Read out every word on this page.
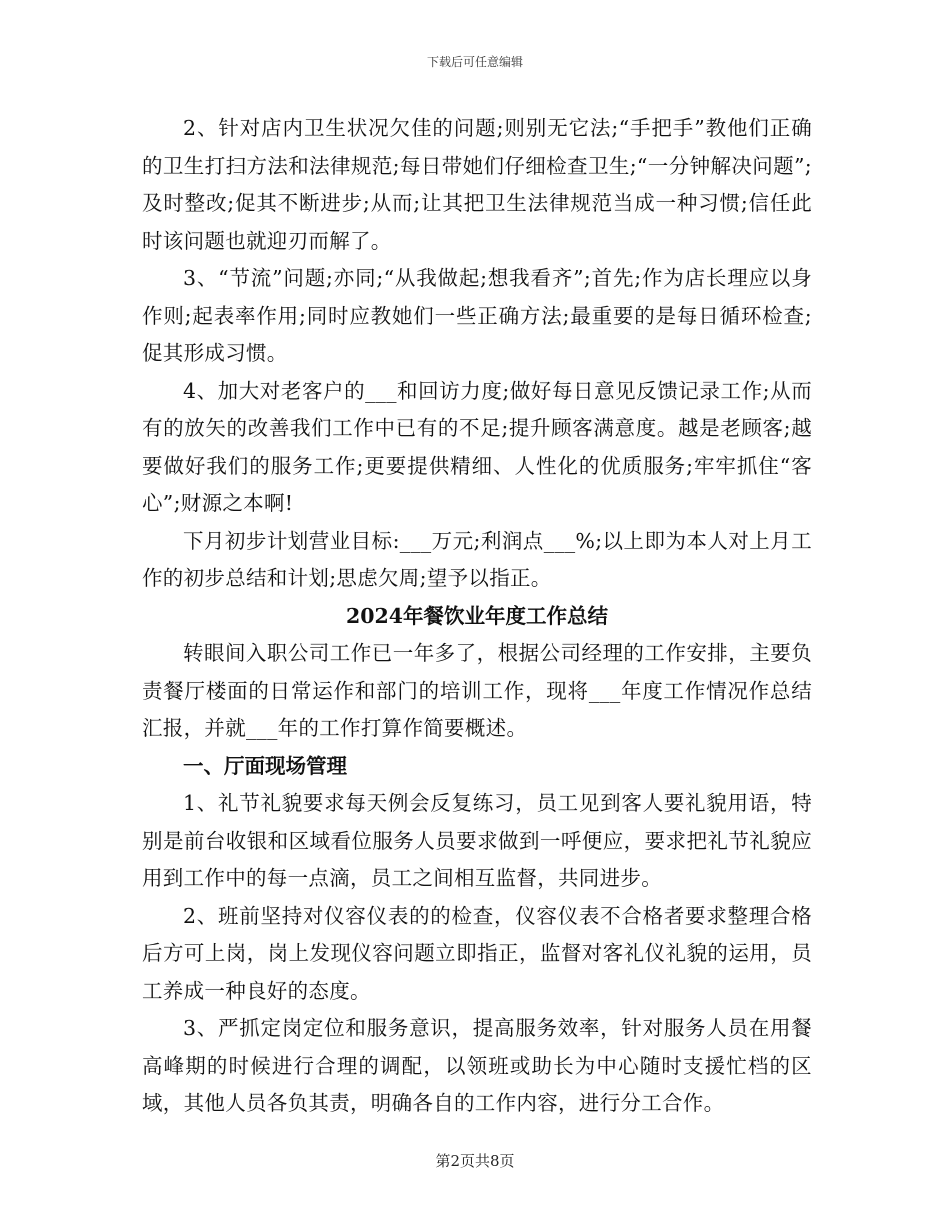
下载后可任意编辑

2、针对店内卫生状况欠佳的问题;则别无它法;“手把手”教他们正确的卫生打扫方法和法律规范;每日带她们仔细检查卫生;“一分钟解决问题”;及时整改;促其不断进步;从而;让其把卫生法律规范当成一种习惯;信任此时该问题也就迎刃而解了。

3、“节流”问题;亦同;“从我做起;想我看齐”;首先;作为店长理应以身作则;起表率作用;同时应教她们一些正确方法;最重要的是每日循环检查;促其形成习惯。

4、加大对老客户的___和回访力度;做好每日意见反馈记录工作;从而有的放矢的改善我们工作中已有的不足;提升顾客满意度。越是老顾客;越要做好我们的服务工作;更要提供精细、人性化的优质服务;牢牢抓住“客心”;财源之本啊!

下月初步计划营业目标:___万元;利润点___%;以上即为本人对上月工作的初步总结和计划;思虑欠周;望予以指正。

2024年餐饮业年度工作总结

转眼间入职公司工作已一年多了，根据公司经理的工作安排，主要负责餐厅楼面的日常运作和部门的培训工作，现将___年度工作情况作总结汇报，并就___年的工作打算作简要概述。

一、厅面现场管理

1、礼节礼貌要求每天例会反复练习，员工见到客人要礼貌用语，特别是前台收银和区域看位服务人员要求做到一呼便应，要求把礼节礼貌应用到工作中的每一点滴，员工之间相互监督，共同进步。

2、班前坚持对仪容仪表的的检查，仪容仪表不合格者要求整理合格后方可上岗，岗上发现仪容问题立即指正，监督对客礼仪礼貌的运用，员工养成一种良好的态度。

3、严抓定岗定位和服务意识，提高服务效率，针对服务人员在用餐高峰期的时候进行合理的调配，以领班或助长为中心随时支援忙档的区域，其他人员各负其责，明确各自的工作内容，进行分工合作。

第2页共8页
